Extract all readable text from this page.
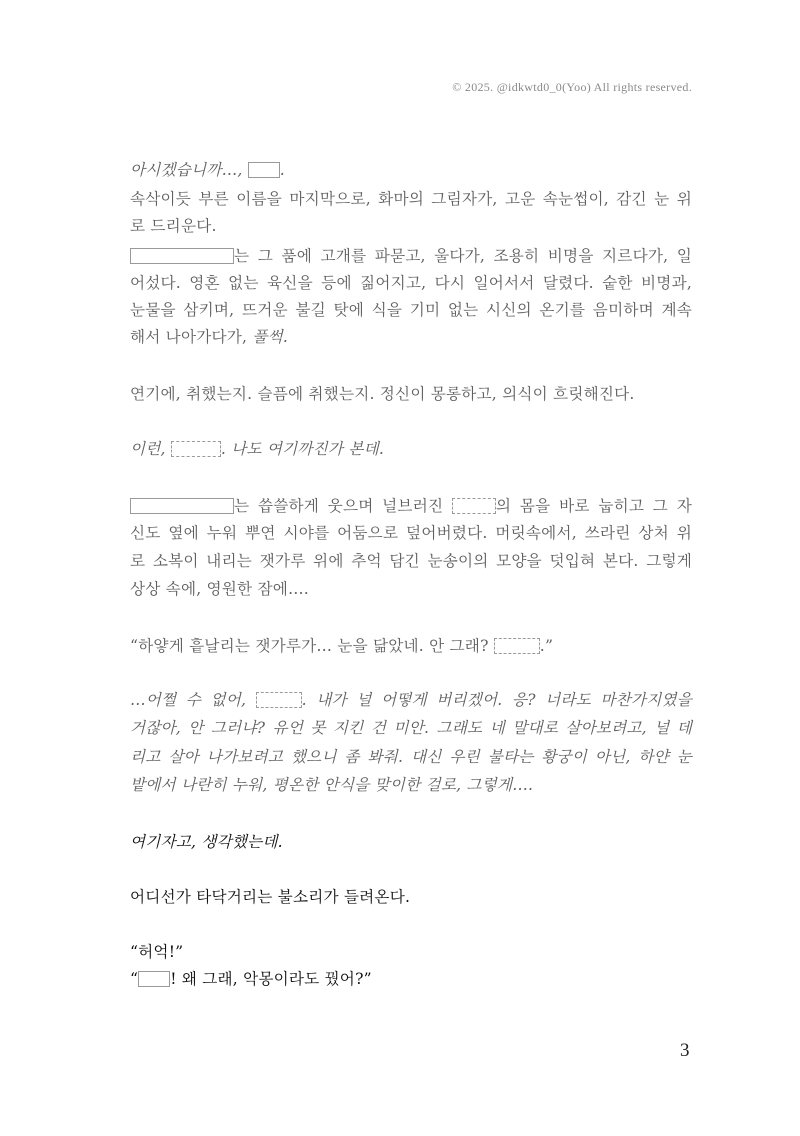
© 2025. @idkwtd0_0(Yoo) All rights reserved.
아시겠습니까…, .
속삭이듯 부른 이름을 마지막으로, 화마의 그림자가, 고운 속눈썹이, 감긴 눈 위
로 드리운다.
는 그 품에 고개를 파묻고, 울다가, 조용히 비명을 지르다가, 일
어섰다. 영혼 없는 육신을 등에 짊어지고, 다시 일어서서 달렸다. 숱한 비명과,
눈물을 삼키며, 뜨거운 불길 탓에 식을 기미 없는 시신의 온기를 음미하며 계속
해서 나아가다가, 풀썩.
연기에, 취했는지. 슬픔에 취했는지. 정신이 몽롱하고, 의식이 흐릿해진다.
이런,	. 나도 여기까진가 본데.
는 씁쓸하게 웃으며 널브러진	의 몸을 바로 눕히고 그 자
신도 옆에 누워 뿌연 시야를 어둠으로 덮어버렸다. 머릿속에서, 쓰라린 상처 위
로 소복이 내리는 잿가루 위에 추억 담긴 눈송이의 모양을 덧입혀 본다. 그렇게
상상 속에, 영원한 잠에….
“하얗게 흩날리는 잿가루가… 눈을 닮았네. 안 그래?	.”
…어쩔 수 없어,	. 내가 널 어떻게 버리겠어. 응? 너라도 마찬가지였을
거잖아, 안 그러냐? 유언 못 지킨 건 미안. 그래도 네 말대로 살아보려고, 널 데
리고 살아 나가보려고 했으니 좀 봐줘. 대신 우린 불타는 황궁이 아닌, 하얀 눈
밭에서 나란히 누워, 평온한 안식을 맞이한 걸로, 그렇게….
여기자고, 생각했는데.
어디선가 타닥거리는 불소리가 들려온다.
“허억!”
“ ! 왜 그래, 악몽이라도 꿨어?”
3
